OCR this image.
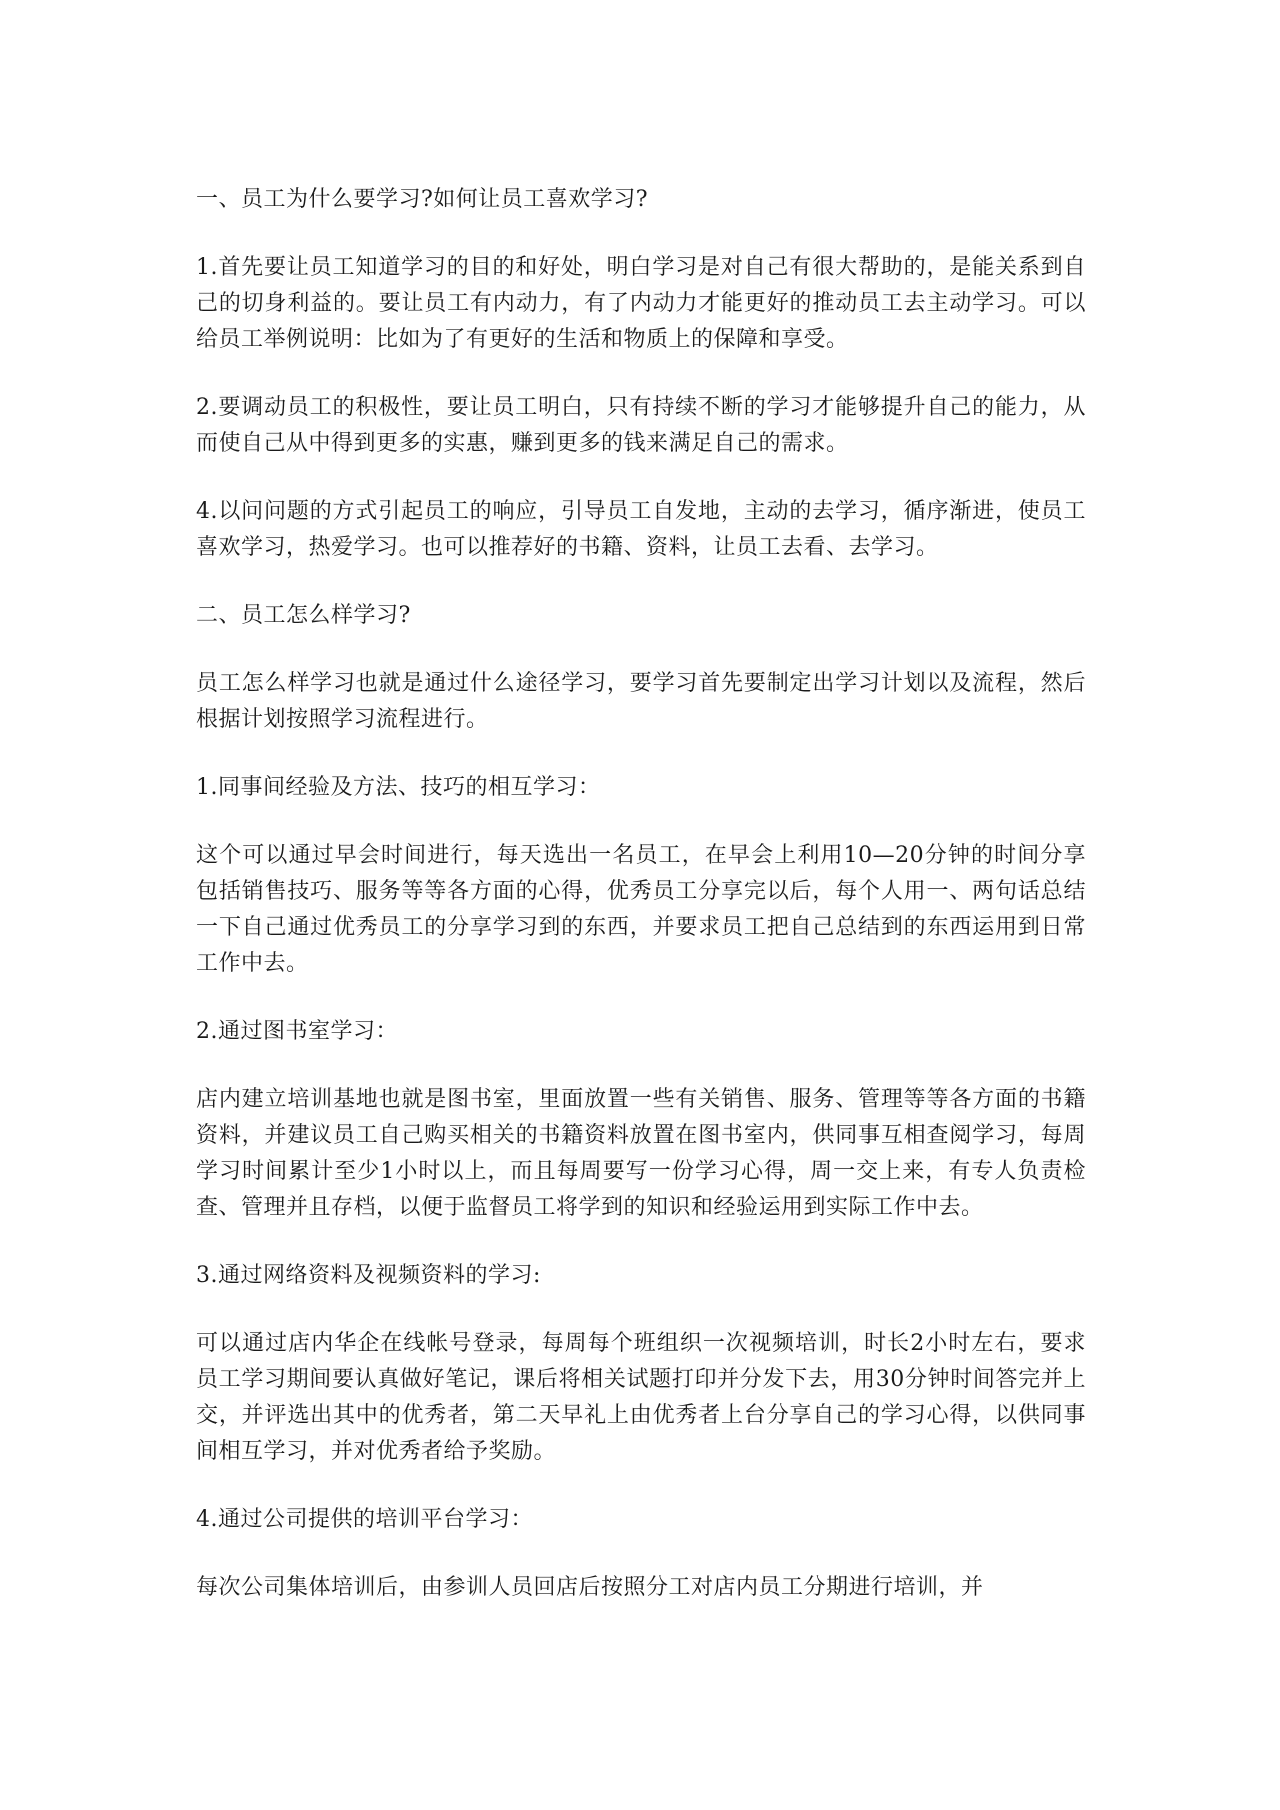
一、员工为什么要学习?如何让员工喜欢学习?

1.首先要让员工知道学习的目的和好处，明白学习是对自己有很大帮助的，是能关系到自己的切身利益的。要让员工有内动力，有了内动力才能更好的推动员工去主动学习。可以给员工举例说明：比如为了有更好的生活和物质上的保障和享受。

2.要调动员工的积极性，要让员工明白，只有持续不断的学习才能够提升自己的能力，从而使自己从中得到更多的实惠，赚到更多的钱来满足自己的需求。

4.以问问题的方式引起员工的响应，引导员工自发地，主动的去学习，循序渐进，使员工喜欢学习，热爱学习。也可以推荐好的书籍、资料，让员工去看、去学习。

二、员工怎么样学习?

员工怎么样学习也就是通过什么途径学习，要学习首先要制定出学习计划以及流程，然后根据计划按照学习流程进行。

1.同事间经验及方法、技巧的相互学习：

这个可以通过早会时间进行，每天选出一名员工，在早会上利用10—20分钟的时间分享包括销售技巧、服务等等各方面的心得，优秀员工分享完以后，每个人用一、两句话总结一下自己通过优秀员工的分享学习到的东西，并要求员工把自己总结到的东西运用到日常工作中去。

2.通过图书室学习：

店内建立培训基地也就是图书室，里面放置一些有关销售、服务、管理等等各方面的书籍资料，并建议员工自己购买相关的书籍资料放置在图书室内，供同事互相查阅学习，每周学习时间累计至少1小时以上，而且每周要写一份学习心得，周一交上来，有专人负责检查、管理并且存档，以便于监督员工将学到的知识和经验运用到实际工作中去。

3.通过网络资料及视频资料的学习:

可以通过店内华企在线帐号登录，每周每个班组织一次视频培训，时长2小时左右，要求员工学习期间要认真做好笔记，课后将相关试题打印并分发下去，用30分钟时间答完并上交，并评选出其中的优秀者，第二天早礼上由优秀者上台分享自己的学习心得，以供同事间相互学习，并对优秀者给予奖励。

4.通过公司提供的培训平台学习：

每次公司集体培训后，由参训人员回店后按照分工对店内员工分期进行培训，并
